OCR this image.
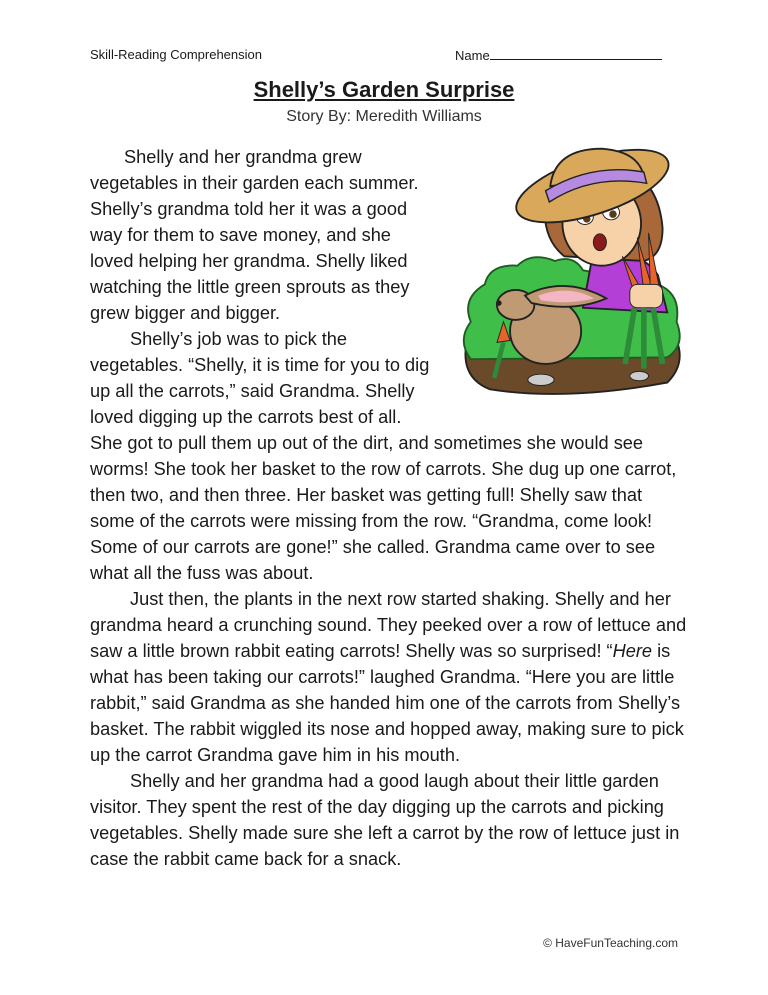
Skill-Reading Comprehension	Name
Shelly’s Garden Surprise
Story By: Meredith Williams

Shelly and her grandma grew vegetables in their garden each summer. Shelly’s grandma told her it was a good way for them to save money, and she loved helping her grandma. Shelly liked watching the little green sprouts as they grew bigger and bigger.

Shelly’s job was to pick the vegetables. “Shelly, it is time for you to dig up all the carrots,” said Grandma. Shelly loved digging up the carrots best of all. She got to pull them up out of the dirt, and sometimes she would see worms! She took her basket to the row of carrots. She dug up one carrot, then two, and then three. Her basket was getting full! Shelly saw that some of the carrots were missing from the row. “Grandma, come look! Some of our carrots are gone!” she called. Grandma came over to see what all the fuss was about.

Just then, the plants in the next row started shaking. Shelly and her grandma heard a crunching sound. They peeked over a row of lettuce and saw a little brown rabbit eating carrots! Shelly was so surprised! “Here is what has been taking our carrots!” laughed Grandma. “Here you are little rabbit,” said Grandma as she handed him one of the carrots from Shelly’s basket. The rabbit wiggled its nose and hopped away, making sure to pick up the carrot Grandma gave him in his mouth.

Shelly and her grandma had a good laugh about their little garden visitor. They spent the rest of the day digging up the carrots and picking vegetables. Shelly made sure she left a carrot by the row of lettuce just in case the rabbit came back for a snack.

© HaveFunTeaching.com
